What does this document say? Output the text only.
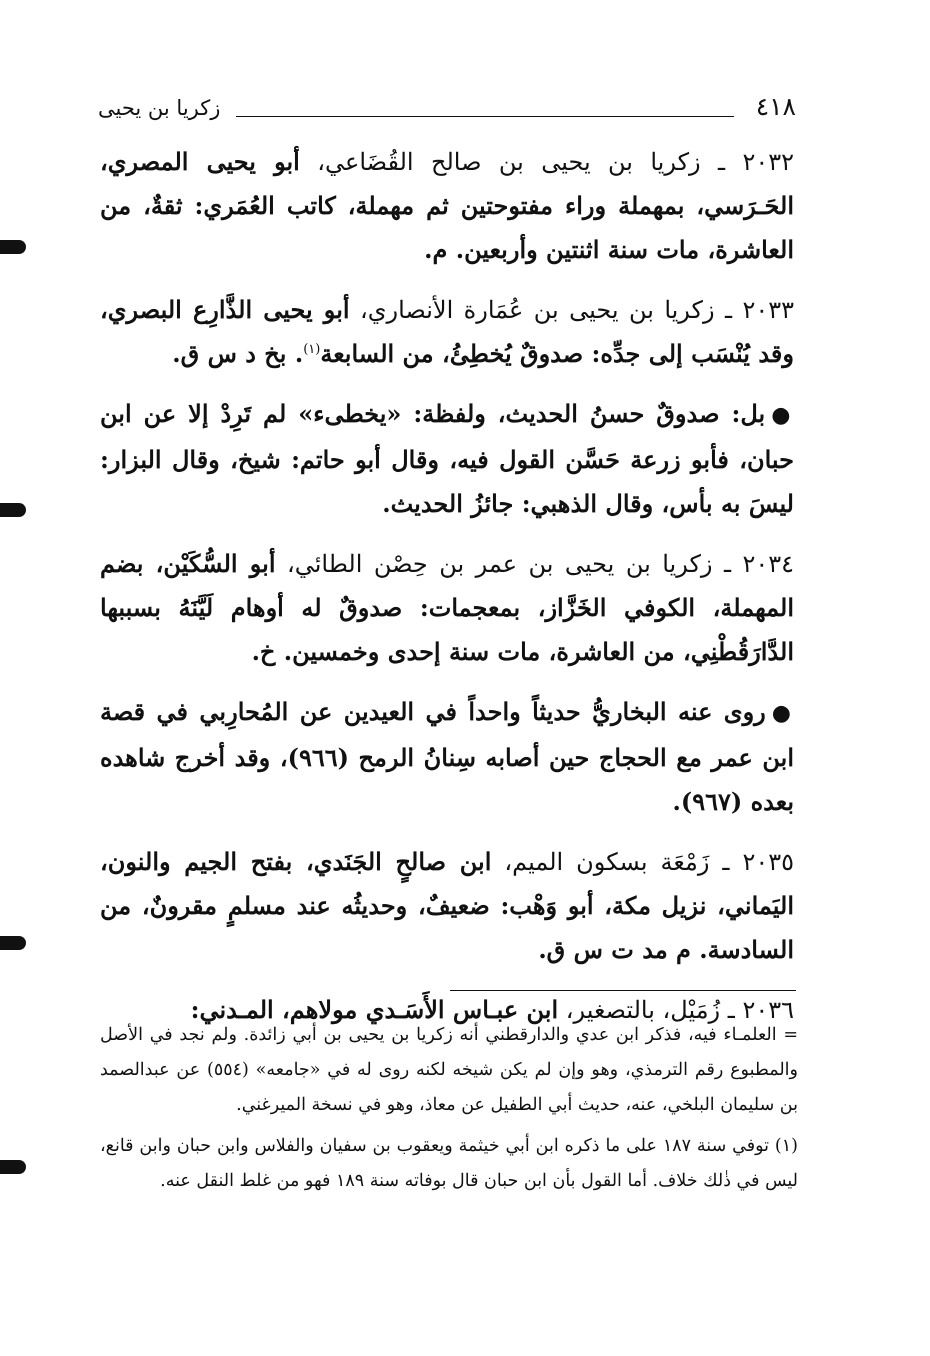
٤١٨
زكريا بن يحيى

٢٠٣٢ ـ زكريا بن يحيى بن صالح القُضَاعي، أبو يحيى المصري، الحَـرَسي، بمهملة وراء مفتوحتين ثم مهملة، كاتب العُمَري: ثقةٌ، من العاشرة، مات سنة اثنتين وأربعين. م.

٢٠٣٣ ـ زكريا بن يحيى بن عُمَارة الأنصاري، أبو يحيى الذَّارِع البصري، وقد يُنْسَب إلى جدِّه: صدوقٌ يُخطِئُ، من السابعة$^{(١)}$. بخ د س ق.

●بل: صدوقٌ حسنُ الحديث، ولفظة: «يخطىء» لم تَرِدْ إلا عن ابن حبان، فأبو زرعة حَسَّن القول فيه، وقال أبو حاتم: شيخ، وقال البزار: ليسَ به بأس، وقال الذهبي: جائزُ الحديث.

٢٠٣٤ ـ زكريا بن يحيى بن عمر بن حِصْن الطائي، أبو السُّكَيْن، بضم المهملة، الكوفي الخَزَّاز، بمعجمات: صدوقٌ له أوهام لَيَّنَهُ بسببها الدَّارَقُطْنِي، من العاشرة، مات سنة إحدى وخمسين. خ.

●روى عنه البخاريُّ حديثاً واحداً في العيدين عن المُحارِبي في قصة ابن عمر مع الحجاج حين أصابه سِنانُ الرمح (٩٦٦)، وقد أخرج شاهده بعده (٩٦٧).

٢٠٣٥ ـ زَمْعَة بسكون الميم، ابن صالحٍ الجَنَدي، بفتح الجيم والنون، اليَماني، نزيل مكة، أبو وَهْب: ضعيفٌ، وحديثُه عند مسلمٍ مقرونٌ، من السادسة. م مد ت س ق.

٢٠٣٦ ـ زُمَيْل، بالتصغير، ابن عبـاس الأَسَـدي مولاهم، المـدني:

= العلمـاء فيه، فذكر ابن عدي والدارقطني أنه زكريا بن يحيى بن أبي زائدة. ولم نجد في الأصل والمطبوع رقم الترمذي، وهو وإن لم يكن شيخه لكنه روى له في «جامعه» (٥٥٤) عن عبدالصمد بن سليمان البلخي، عنه، حديث أبي الطفيل عن معاذ، وهو في نسخة الميرغني.

(١) توفي سنة ١٨٧ على ما ذكره ابن أبي خيثمة ويعقوب بن سفيان والفلاس وابن حبان وابن قانع، ليس في ذٰلك خلاف. أما القول بأن ابن حبان قال بوفاته سنة ١٨٩ فهو من غلط النقل عنه.
